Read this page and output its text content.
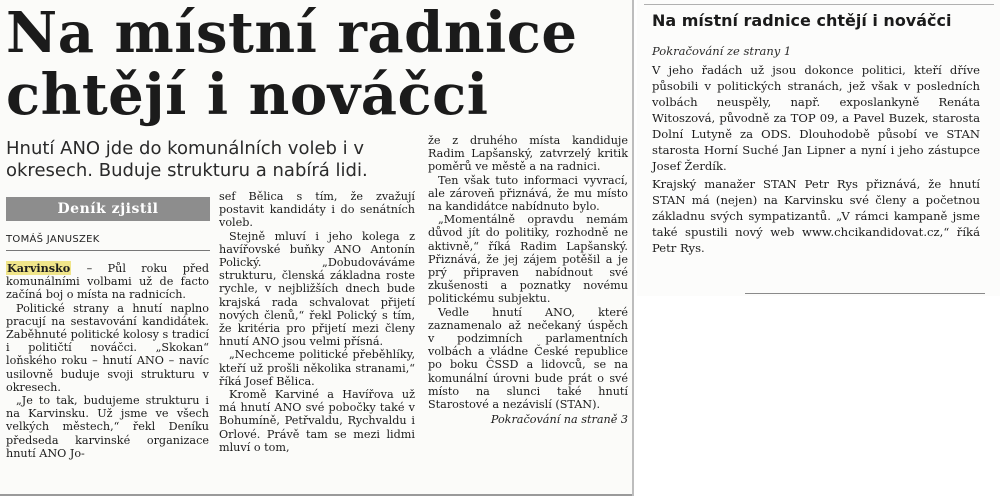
Na místní radnice chtějí i nováčci

Hnutí ANO jde do komunálních voleb i v okresech. Buduje strukturu a nabírá lidi.

Deník zjistil
TOMÁŠ JANUSZEK

Karvinsko – Půl roku před komunálními volbami už de facto začíná boj o místa na radnicích.

Politické strany a hnutí naplno pracují na sestavování kandidátek. Zaběhnuté politické kolosy s tradicí i političtí nováčci. „Skokan“ loňského roku – hnutí ANO – navíc usilovně buduje svoji strukturu v okresech.

„Je to tak, budujeme strukturu i na Karvinsku. Už jsme ve všech velkých městech,“ řekl Deníku předseda karvinské organizace hnutí ANO Jo-

sef Bělica s tím, že zvažují postavit kandidáty i do senátních voleb.

Stejně mluví i jeho kolega z havířovské buňky ANO Antonín Polický. „Dobudováváme strukturu, členská základna roste rychle, v nejbližších dnech bude krajská rada schvalovat přijetí nových členů,“ řekl Polický s tím, že kritéria pro přijetí mezi členy hnutí ANO jsou velmi přísná.

„Nechceme politické přeběhlíky, kteří už prošli několika stranami,“ říká Josef Bělica.

Kromě Karviné a Havířova už má hnutí ANO své pobočky také v Bohumíně, Petřvaldu, Rychvaldu i Orlové. Právě tam se mezi lidmi mluví o tom,

že z druhého místa kandiduje Radim Lapšanský, zatvrzelý kritik poměrů ve městě a na radnici.

Ten však tuto informaci vyvrací, ale zároveň přiznává, že mu místo na kandidátce nabídnuto bylo.

„Momentálně opravdu nemám důvod jít do politiky, rozhodně ne aktivně,“ říká Radim Lapšanský. Přiznává, že jej zájem potěšil a je prý připraven nabídnout své zkušenosti a poznatky novému politickému subjektu.

Vedle hnutí ANO, které zaznamenalo až nečekaný úspěch v podzimních parlamentních volbách a vládne České republice po boku ČSSD a lidovců, se na komunální úrovni bude prát o své místo na slunci také hnutí Starostové a nezávislí (STAN).

Pokračování na straně 3

Na místní radnice chtějí i nováčci
Pokračování ze strany 1

V jeho řadách už jsou dokonce politici, kteří dříve působili v politických stranách, jež však v posledních volbách neuspěly, např. exposlankyně Renáta Witoszová, původně za TOP 09, a Pavel Buzek, starosta Dolní Lutyně za ODS. Dlouhodobě působí ve STAN starosta Horní Suché Jan Lipner a nyní i jeho zástupce Josef Žerdík.

Krajský manažer STAN Petr Rys přiznává, že hnutí STAN má (nejen) na Karvinsku své členy a početnou základnu svých sympatizantů. „V rámci kampaně jsme také spustili nový web www.chcikandidovat.cz,“ říká Petr Rys.
